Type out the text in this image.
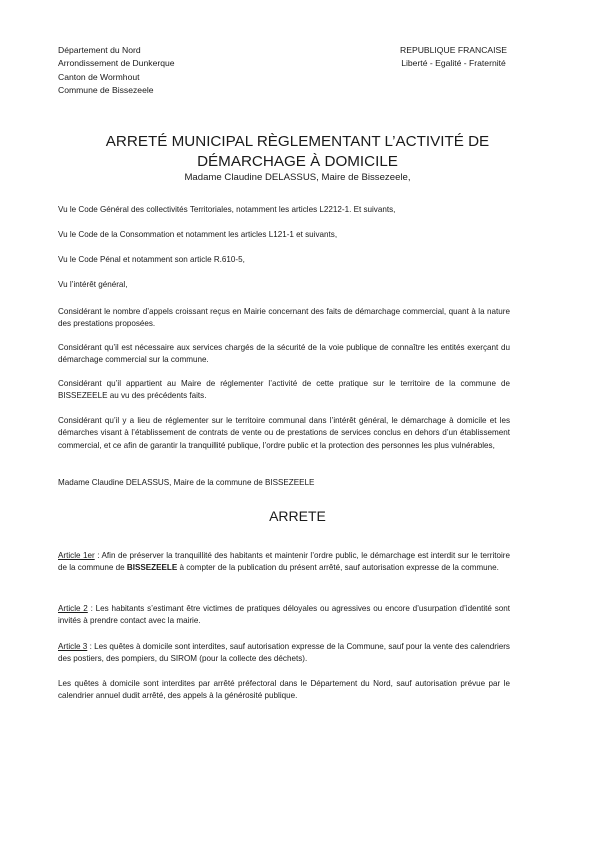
Département du Nord
Arrondissement de Dunkerque
Canton de Wormhout
Commune de Bissezeele
REPUBLIQUE FRANCAISE
Liberté - Egalité - Fraternité
ARRETÉ MUNICIPAL RÈGLEMENTANT L’ACTIVITÉ DE
DÉMARCHAGE À DOMICILE
Madame Claudine DELASSUS, Maire de Bissezeele,

Vu le Code Général des collectivités Territoriales, notamment les articles L2212-1. Et suivants,

Vu le Code de la Consommation et notamment les articles L121-1 et suivants,

Vu le Code Pénal et notamment son article R.610-5,

Vu l’intérêt général,

Considérant le nombre d’appels croissant reçus en Mairie concernant des faits de démarchage commercial, quant à la nature des prestations proposées.

Considérant qu’il est nécessaire aux services chargés de la sécurité de la voie publique de connaître les entités exerçant du démarchage commercial sur la commune.

Considérant qu’il appartient au Maire de réglementer l’activité de cette pratique sur le territoire de la commune de BISSEZEELE au vu des précédents faits.

Considérant qu’il y a lieu de réglementer sur le territoire communal dans l’intérêt général, le démarchage à domicile et les démarches visant à l’établissement de contrats de vente ou de prestations de services conclus en dehors d’un établissement commercial, et ce afin de garantir la tranquillité publique, l’ordre public et la protection des personnes les plus vulnérables,

Madame Claudine DELASSUS, Maire de la commune de BISSEZEELE

ARRETE

Article 1er : Afin de préserver la tranquillité des habitants et maintenir l’ordre public, le démarchage est interdit sur le territoire de la commune de BISSEZEELE à compter de la publication du présent arrêté, sauf autorisation expresse de la commune.

Article 2 : Les habitants s’estimant être victimes de pratiques déloyales ou agressives ou encore d’usurpation d’identité sont invités à prendre contact avec la mairie.

Article 3 : Les quêtes à domicile sont interdites, sauf autorisation expresse de la Commune, sauf pour la vente des calendriers des postiers, des pompiers, du SIROM (pour la collecte des déchets).

Les quêtes à domicile sont interdites par arrêté préfectoral dans le Département du Nord, sauf autorisation prévue par le calendrier annuel dudit arrêté, des appels à la générosité publique.
